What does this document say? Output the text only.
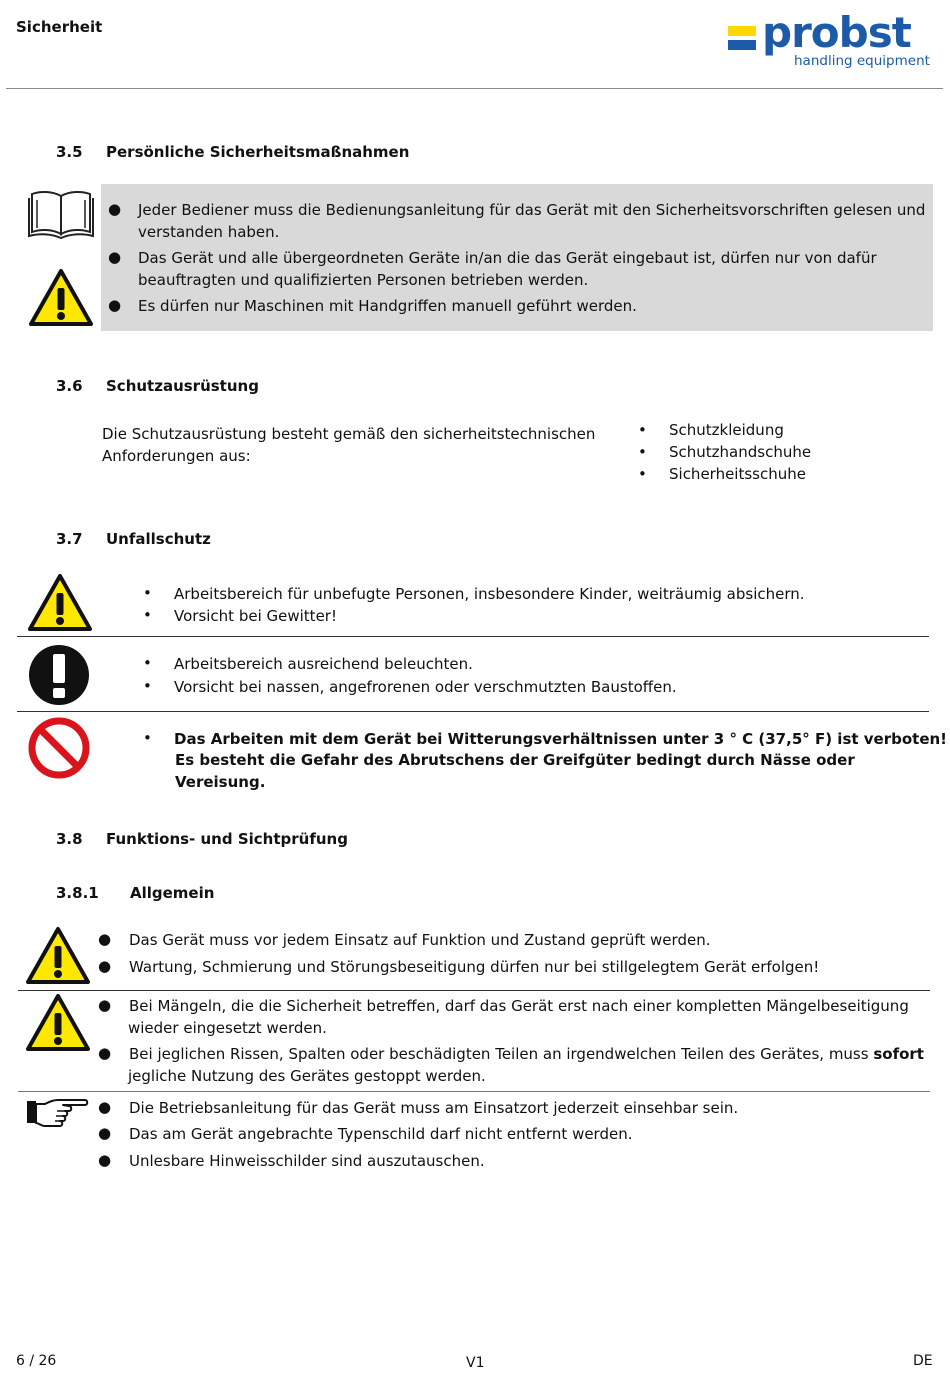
Sicherheit	probst
handling equipment
3.5 Persönliche Sicherheitsmaßnahmen
● Jeder Bediener muss die Bedienungsanleitung für das Gerät mit den Sicherheitsvorschriften gelesen und
verstanden haben.
● Das Gerät und alle übergeordneten Geräte in/an die das Gerät eingebaut ist, dürfen nur von dafür
beauftragten und qualifizierten Personen betrieben werden.
● Es dürfen nur Maschinen mit Handgriffen manuell geführt werden.
3.6 Schutzausrüstung
Die Schutzausrüstung besteht gemäß den sicherheitstechnischen
Anforderungen aus:
• Schutzkleidung
• Schutzhandschuhe
• Sicherheitsschuhe
3.7 Unfallschutz
• Arbeitsbereich für unbefugte Personen, insbesondere Kinder, weiträumig absichern.
• Vorsicht bei Gewitter!
• Arbeitsbereich ausreichend beleuchten.
• Vorsicht bei nassen, angefrorenen oder verschmutzten Baustoffen.
• Das Arbeiten mit dem Gerät bei Witterungsverhältnissen unter 3 ° C (37,5° F) ist verboten!
Es besteht die Gefahr des Abrutschens der Greifgüter bedingt durch Nässe oder Vereisung.
3.8 Funktions- und Sichtprüfung
3.8.1 Allgemein
● Das Gerät muss vor jedem Einsatz auf Funktion und Zustand geprüft werden.
● Wartung, Schmierung und Störungsbeseitigung dürfen nur bei stillgelegtem Gerät erfolgen!
● Bei Mängeln, die die Sicherheit betreffen, darf das Gerät erst nach einer kompletten Mängelbeseitigung
wieder eingesetzt werden.
● Bei jeglichen Rissen, Spalten oder beschädigten Teilen an irgendwelchen Teilen des Gerätes, muss sofort
jegliche Nutzung des Gerätes gestoppt werden.
● Die Betriebsanleitung für das Gerät muss am Einsatzort jederzeit einsehbar sein.
● Das am Gerät angebrachte Typenschild darf nicht entfernt werden.
● Unlesbare Hinweisschilder sind auszutauschen.
6 / 26	V1	DE
